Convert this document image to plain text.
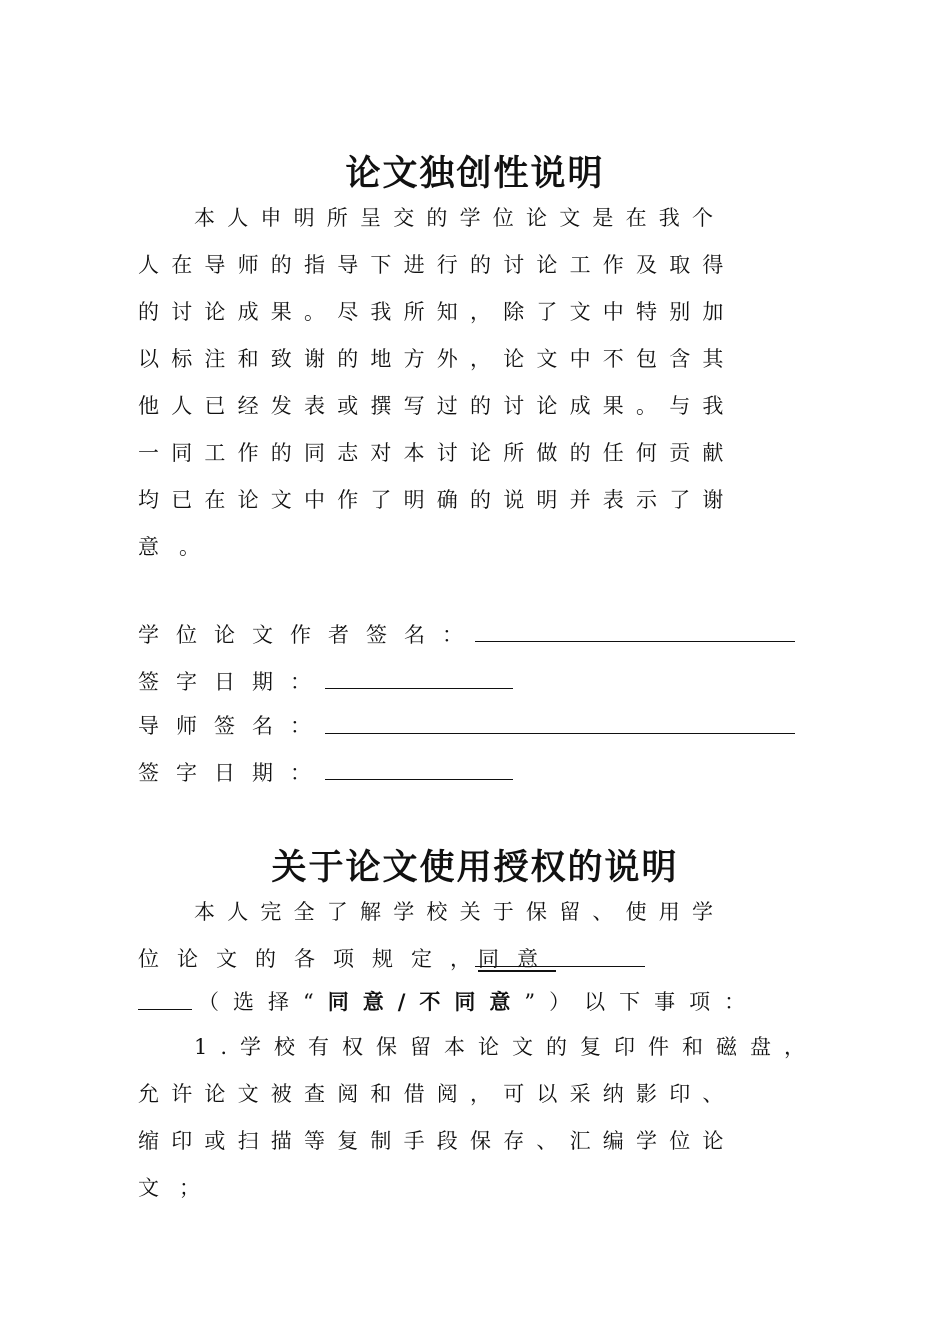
论文独创性说明
本人申明所呈交的学位论文是在我个
人在导师的指导下进行的讨论工作及取得
的讨论成果。尽我所知，除了文中特别加
以标注和致谢的地方外，论文中不包含其
他人已经发表或撰写过的讨论成果。与我
一同工作的同志对本讨论所做的任何贡献
均已在论文中作了明确的说明并表示了谢
意。
学位论文作者签名：
签字日期：
导师签名：
签字日期：
关于论文使用授权的说明
本人完全了解学校关于保留、使用学
位论文的各项规定，
同意
（选择“同意/不同意”）以下事项：
1.学校有权保留本论文的复印件和磁盘，
允许论文被查阅和借阅，可以采纳影印、
缩印或扫描等复制手段保存、汇编学位论
文；
